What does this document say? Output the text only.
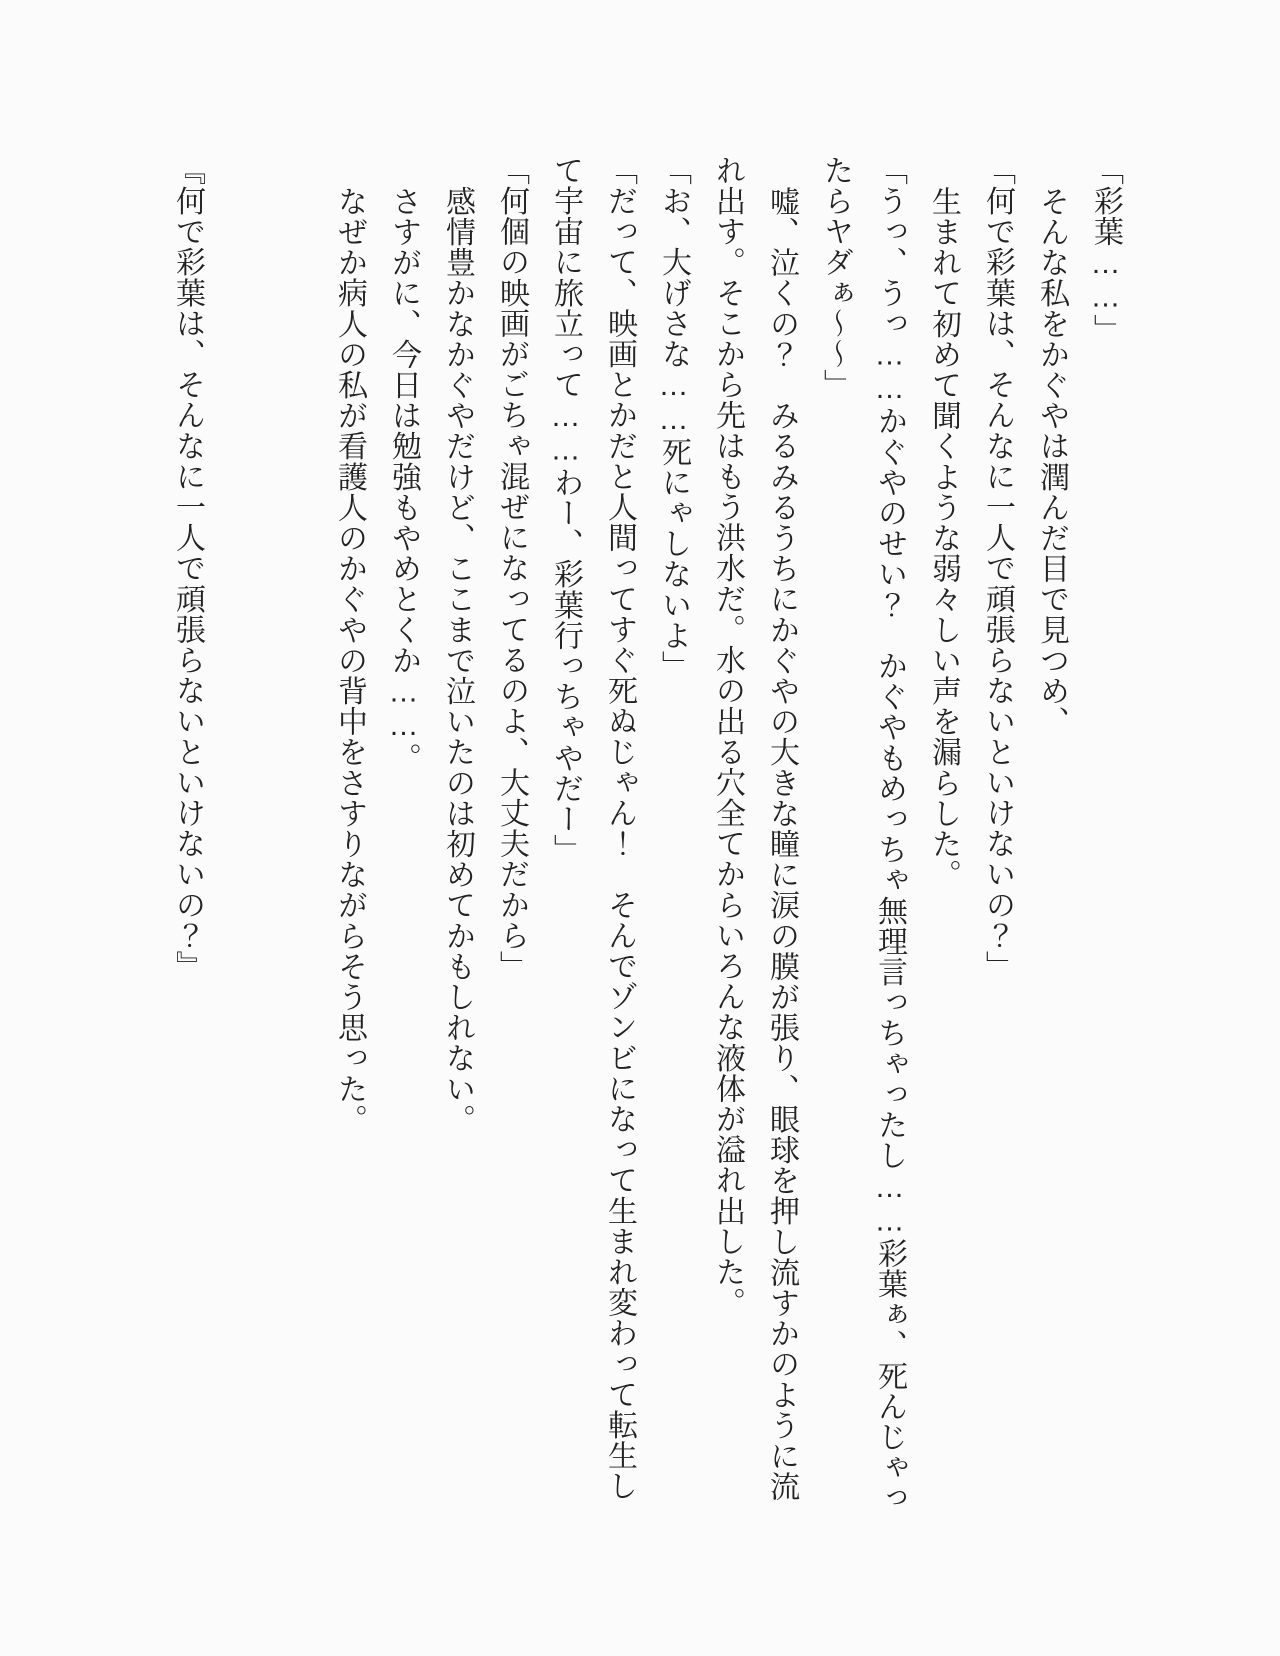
「彩葉……」

そんな私をかぐやは潤んだ目で見つめ、

「何で彩葉は、そんなに一人で頑張らないといけないの？」

生まれて初めて聞くような弱々しい声を漏らした。

「うっ、うっ……かぐやのせい？　かぐやもめっちゃ無理言っちゃったし……彩葉ぁ、死んじゃっ

たらヤダぁ～～」

嘘、泣くの？　みるみるうちにかぐやの大きな瞳に涙の膜が張り、眼球を押し流すかのように流

れ出す。そこから先はもう洪水だ。水の出る穴全てからいろんな液体が溢れ出した。

「お、大げさな……死にゃしないよ」

「だって、映画とかだと人間ってすぐ死ぬじゃん！　そんでゾンビになって生まれ変わって転生し

て宇宙に旅立って……わー、彩葉行っちゃやだー」

「何個の映画がごちゃ混ぜになってるのよ、大丈夫だから」

感情豊かなかぐやだけど、ここまで泣いたのは初めてかもしれない。

さすがに、今日は勉強もやめとくか……。

なぜか病人の私が看護人のかぐやの背中をさすりながらそう思った。

『何で彩葉は、そんなに一人で頑張らないといけないの？』
